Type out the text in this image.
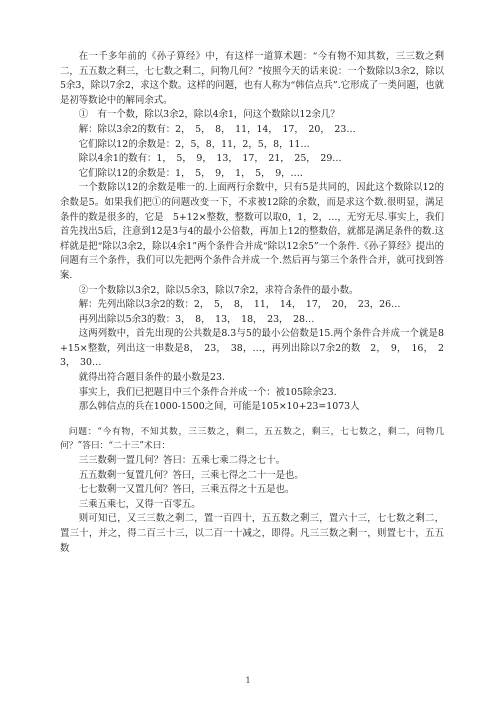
在一千多年前的《孙子算经》中，有这样一道算术题：“今有物不知其数，三三数之剩二，五五数之剩三，七七数之剩二，问物几何？”按照今天的话来说：一个数除以3余2，除以5余3，除以7余2，求这个数。这样的问题，也有人称为“韩信点兵”.它形成了一类问题，也就是初等数论中的解同余式。

①　有一个数，除以3余2，除以4余1，问这个数除以12余几？

解：除以3余2的数有：2，　5，　8，　11，14，　17，　20，　23…

它们除以12的余数是：2，5，8，11，2，5，8，11…

除以4余1的数有：1，　5，　9，　13，　17，　21，　25，　29…

它们除以12的余数是：1，　5，　9，　1，　5，　9，…．

一个数除以12的余数是唯一的.上面两行余数中，只有5是共同的，因此这个数除以12的余数是5。如果我们把①的问题改变一下，不求被12除的余数，而是求这个数.很明显，满足条件的数是很多的，它是　5+12×整数，整数可以取0，1，2，…，无穷无尽.事实上，我们首先找出5后，注意到12是3与4的最小公倍数，再加上12的整数倍，就都是满足条件的数.这样就是把“除以3余2，除以4余1”两个条件合并成“除以12余5”一个条件.《孙子算经》提出的问题有三个条件，我们可以先把两个条件合并成一个.然后再与第三个条件合并，就可找到答案.

②一个数除以3余2，除以5余3，除以7余2，求符合条件的最小数。

解：先列出除以3余2的数：2，　5，　8，　11，　14，　17，　20，　23，26…

再列出除以5余3的数：3，　8，　13，　18，　23，　28…

这两列数中，首先出现的公共数是8.3与5的最小公倍数是15.两个条件合并成一个就是8+15×整数，列出这一串数是8，　23，　38，…，再列出除以7余2的数　2，　9，　16，　23，　30…

就得出符合题目条件的最小数是23.

事实上，我们已把题目中三个条件合并成一个：被105除余23.

那么韩信点的兵在1000-1500之间，可能是105×10+23=1073人

问题：“今有物，不知其数，三三数之，剩二，五五数之，剩三，七七数之，剩二，问物几何？”答曰：“二十三”术曰：

三三数剩一置几何？答曰：五乘七乘二得之七十。

五五数剩一复置几何？答曰，三乘七得之二十一是也。

七七数剩一又置几何？答曰，三乘五得之十五是也。

三乘五乘七，又得一百零五。

则可知已，又三三数之剩二，置一百四十，五五数之剩三，置六十三，七七数之剩二，置三十，并之，得二百三十三，以二百一十减之，即得。凡三三数之剩一，则置七十，五五数

1
